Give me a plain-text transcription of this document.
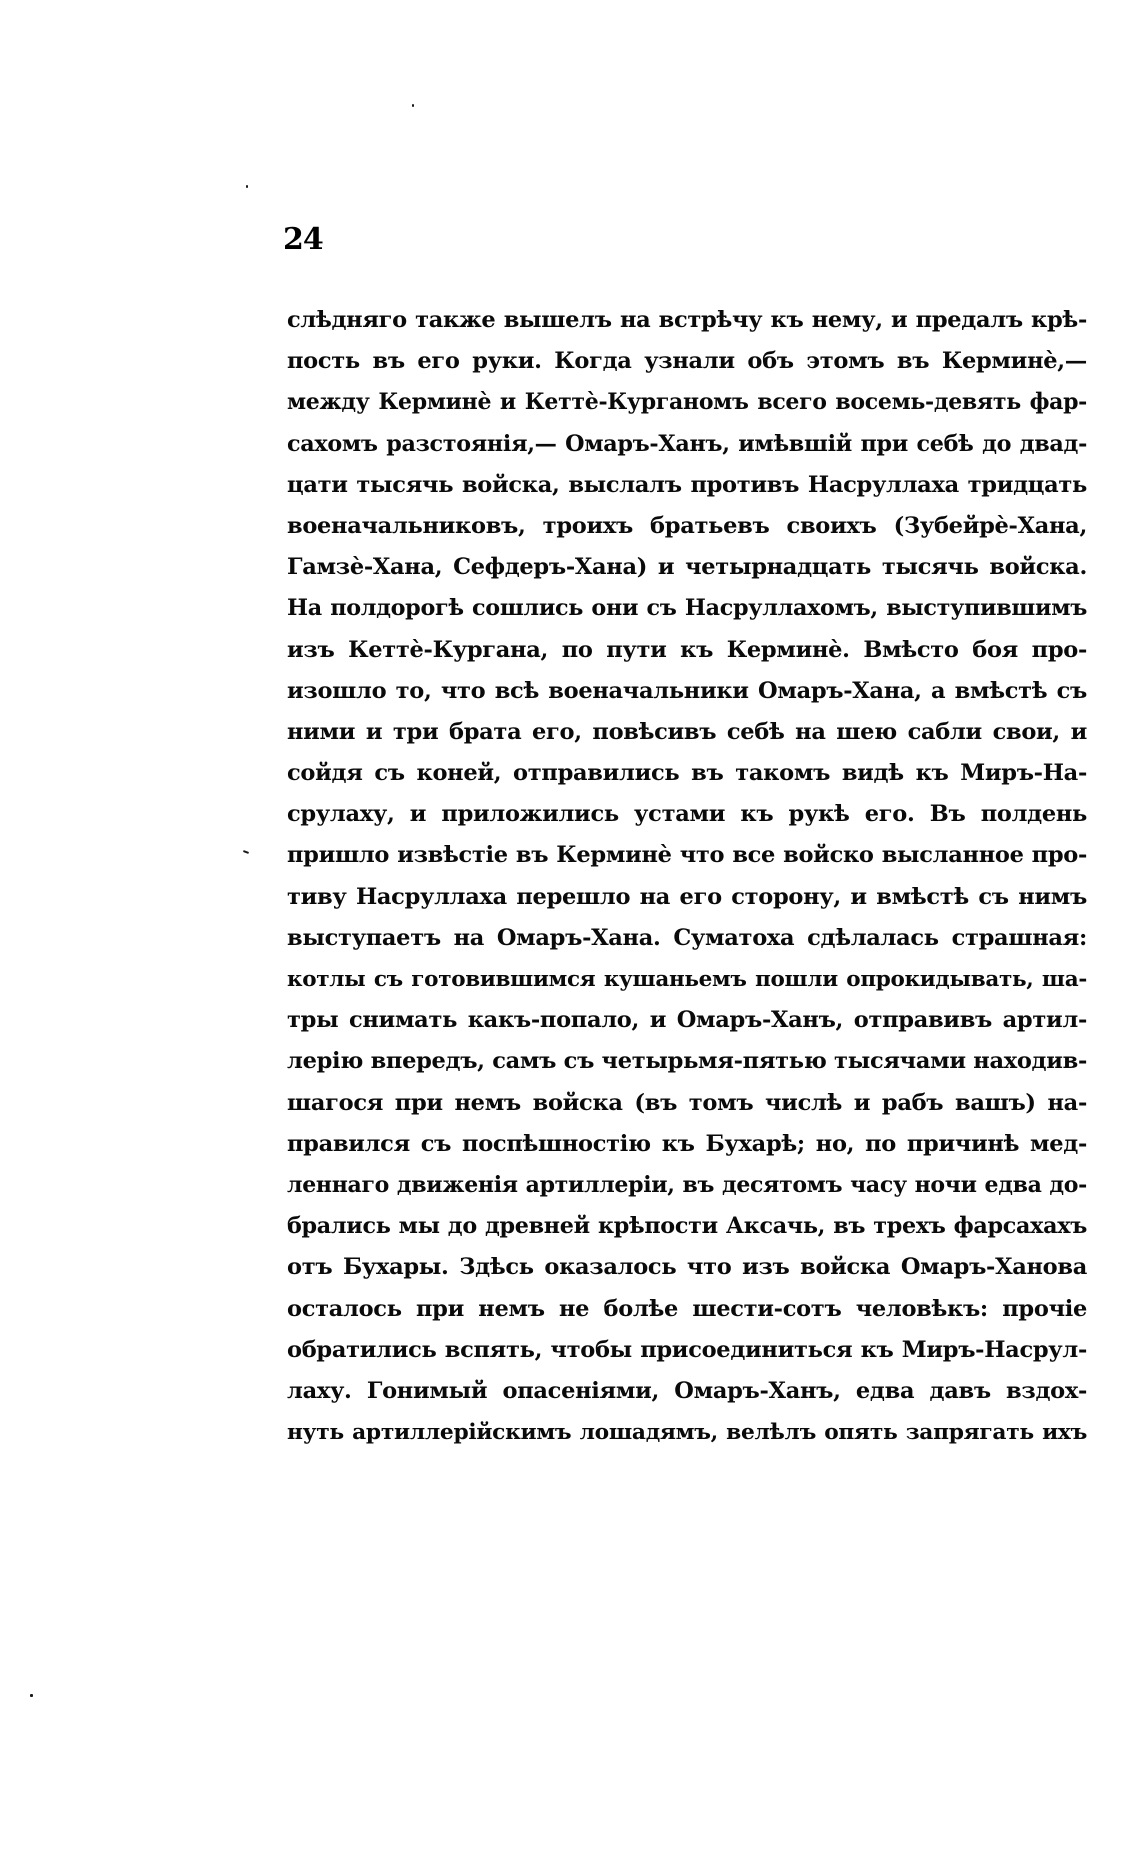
24
слѣдняго также вышелъ на встрѣчу къ нему, и предалъ крѣ-
пость въ его руки. Когда узнали объ этомъ въ Керминѐ,—
между Керминѐ и Кеттѐ-Курганомъ всего восемь-девять фар-
сахомъ разстоянія,— Омаръ-Ханъ, имѣвшій при себѣ до двад-
цати тысячь войска, выслалъ противъ Насруллаха тридцать
военачальниковъ, троихъ братьевъ своихъ (Зубейрѐ-Хана,
Гамзѐ-Хана, Сефдеръ-Хана) и четырнадцать тысячь войска.
На полдорогѣ сошлись они съ Насруллахомъ, выступившимъ
изъ Кеттѐ-Кургана, по пути къ Керминѐ. Вмѣсто боя про-
изошло то, что всѣ военачальники Омаръ-Хана, а вмѣстѣ съ
ними и три брата его, повѣсивъ себѣ на шею сабли свои, и
сойдя съ коней, отправились въ такомъ видѣ къ Миръ-На-
срулаху, и приложились устами къ рукѣ его. Въ полдень
пришло извѣстіе въ Керминѐ что все войско высланное про-
тиву Насруллаха перешло на его сторону, и вмѣстѣ съ нимъ
выступаетъ на Омаръ-Хана. Суматоха сдѣлалась страшная:
котлы съ готовившимся кушаньемъ пошли опрокидывать, ша-
тры снимать какъ-попало, и Омаръ-Ханъ, отправивъ артил-
лерію впередъ, самъ съ четырьмя-пятью тысячами находив-
шагося при немъ войска (въ томъ числѣ и рабъ вашъ) на-
правился съ поспѣшностію къ Бухарѣ; но, по причинѣ мед-
леннаго движенія артиллеріи, въ десятомъ часу ночи едва до-
брались мы до древней крѣпости Аксачь, въ трехъ фарсахахъ
отъ Бухары. Здѣсь оказалось что изъ войска Омаръ-Ханова
осталось при немъ не болѣе шести-сотъ человѣкъ: прочіе
обратились вспять, чтобы присоединиться къ Миръ-Насрул-
лаху. Гонимый опасеніями, Омаръ-Ханъ, едва давъ вздох-
нуть артиллерійскимъ лошадямъ, велѣлъ опять запрягать ихъ
